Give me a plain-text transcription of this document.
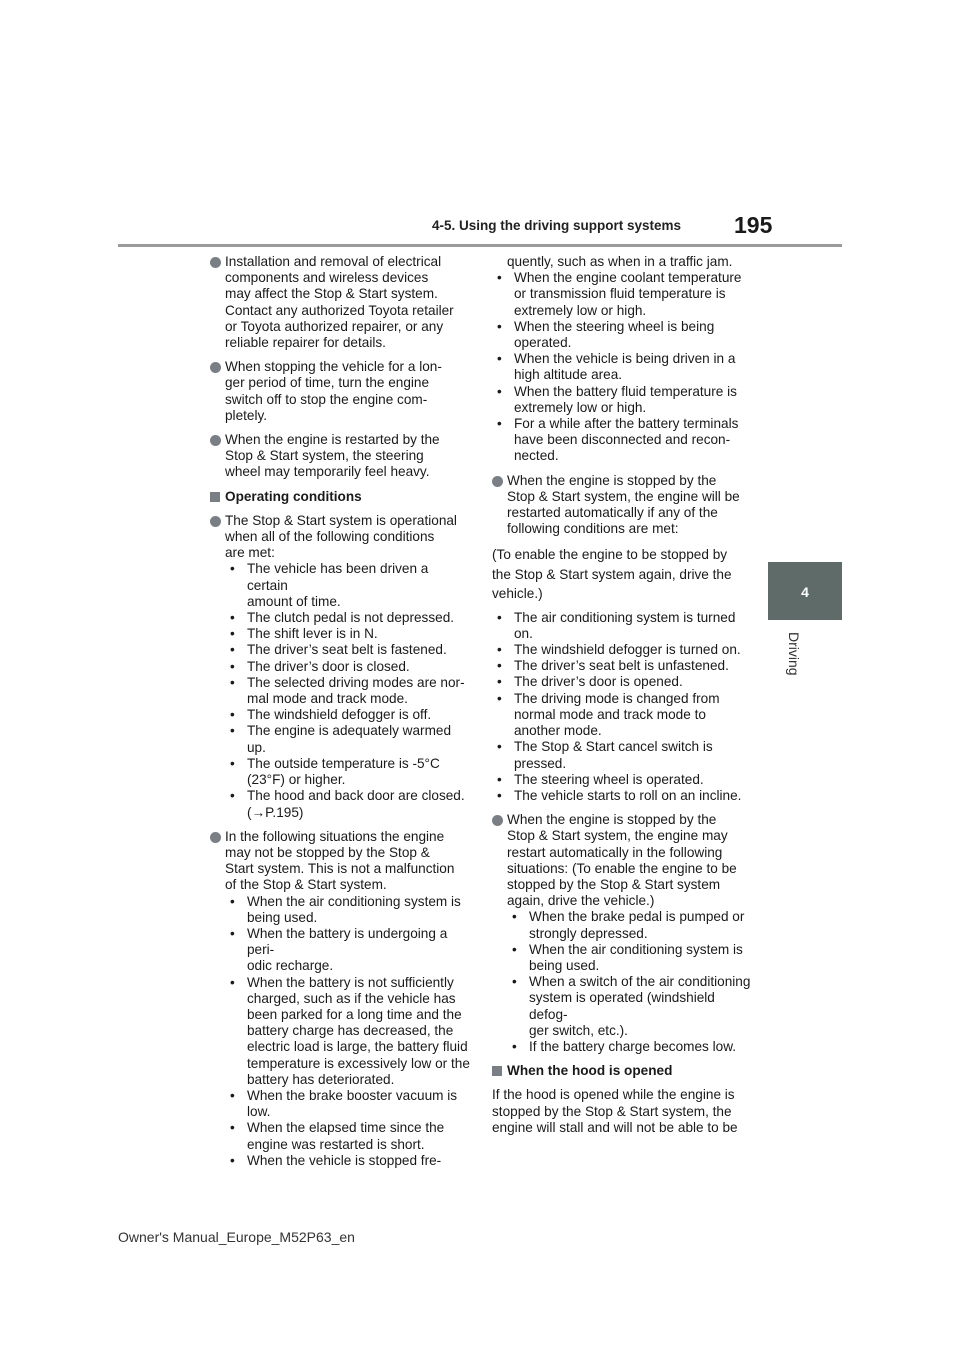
4-5. Using the driving support systems 195
4
Driving
Installation and removal of electrical
components and wireless devices
may affect the Stop & Start system.
Contact any authorized Toyota retailer
or Toyota authorized repairer, or any
reliable repairer for details.
When stopping the vehicle for a lon-
ger period of time, turn the engine
switch off to stop the engine com-
pletely.
When the engine is restarted by the
Stop & Start system, the steering
wheel may temporarily feel heavy.
Operating conditions
The Stop & Start system is operational
when all of the following conditions
are met:
• The vehicle has been driven a certain
amount of time.
• The clutch pedal is not depressed.
• The shift lever is in N.
• The driver’s seat belt is fastened.
• The driver’s door is closed.
• The selected driving modes are nor-
mal mode and track mode.
• The windshield defogger is off.
• The engine is adequately warmed up.
• The outside temperature is -5°C
(23°F) or higher.
• The hood and back door are closed.
(→P.195)
In the following situations the engine
may not be stopped by the Stop &
Start system. This is not a malfunction
of the Stop & Start system.
• When the air conditioning system is
being used.
• When the battery is undergoing a peri-
odic recharge.
• When the battery is not sufficiently
charged, such as if the vehicle has
been parked for a long time and the
battery charge has decreased, the
electric load is large, the battery fluid
temperature is excessively low or the
battery has deteriorated.
• When the brake booster vacuum is
low.
• When the elapsed time since the
engine was restarted is short.
• When the vehicle is stopped fre-
quently, such as when in a traffic jam.
• When the engine coolant temperature
or transmission fluid temperature is
extremely low or high.
• When the steering wheel is being
operated.
• When the vehicle is being driven in a
high altitude area.
• When the battery fluid temperature is
extremely low or high.
• For a while after the battery terminals
have been disconnected and recon-
nected.
When the engine is stopped by the
Stop & Start system, the engine will be
restarted automatically if any of the
following conditions are met:
(To enable the engine to be stopped by
the Stop & Start system again, drive the
vehicle.)
• The air conditioning system is turned
on.
• The windshield defogger is turned on.
• The driver’s seat belt is unfastened.
• The driver’s door is opened.
• The driving mode is changed from
normal mode and track mode to
another mode.
• The Stop & Start cancel switch is
pressed.
• The steering wheel is operated.
• The vehicle starts to roll on an incline.
When the engine is stopped by the
Stop & Start system, the engine may
restart automatically in the following
situations: (To enable the engine to be
stopped by the Stop & Start system
again, drive the vehicle.)
• When the brake pedal is pumped or
strongly depressed.
• When the air conditioning system is
being used.
• When a switch of the air conditioning
system is operated (windshield defog-
ger switch, etc.).
• If the battery charge becomes low.
When the hood is opened
If the hood is opened while the engine is
stopped by the Stop & Start system, the
engine will stall and will not be able to be
Owner's Manual_Europe_M52P63_en
